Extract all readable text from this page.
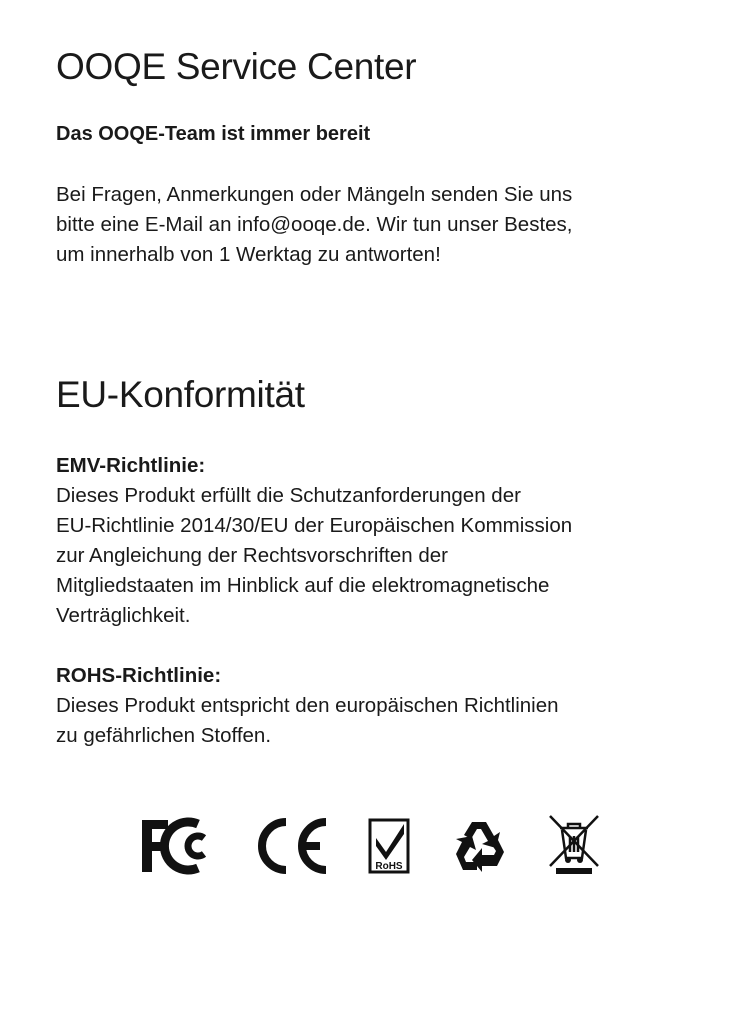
OOQE Service Center
Das OOQE-Team ist immer bereit
Bei Fragen, Anmerkungen oder Mängeln senden Sie uns
bitte eine E-Mail an info@ooqe.de. Wir tun unser Bestes,
um innerhalb von 1 Werktag zu antworten!
EU-Konformität
EMV-Richtlinie:
Dieses Produkt erfüllt die Schutzanforderungen der
EU-Richtlinie 2014/30/EU der Europäischen Kommission
zur Angleichung der Rechtsvorschriften der
Mitgliedstaaten im Hinblick auf die elektromagnetische
Verträglichkeit.
ROHS-Richtlinie:
Dieses Produkt entspricht den europäischen Richtlinien
zu gefährlichen Stoffen.
RoHS
